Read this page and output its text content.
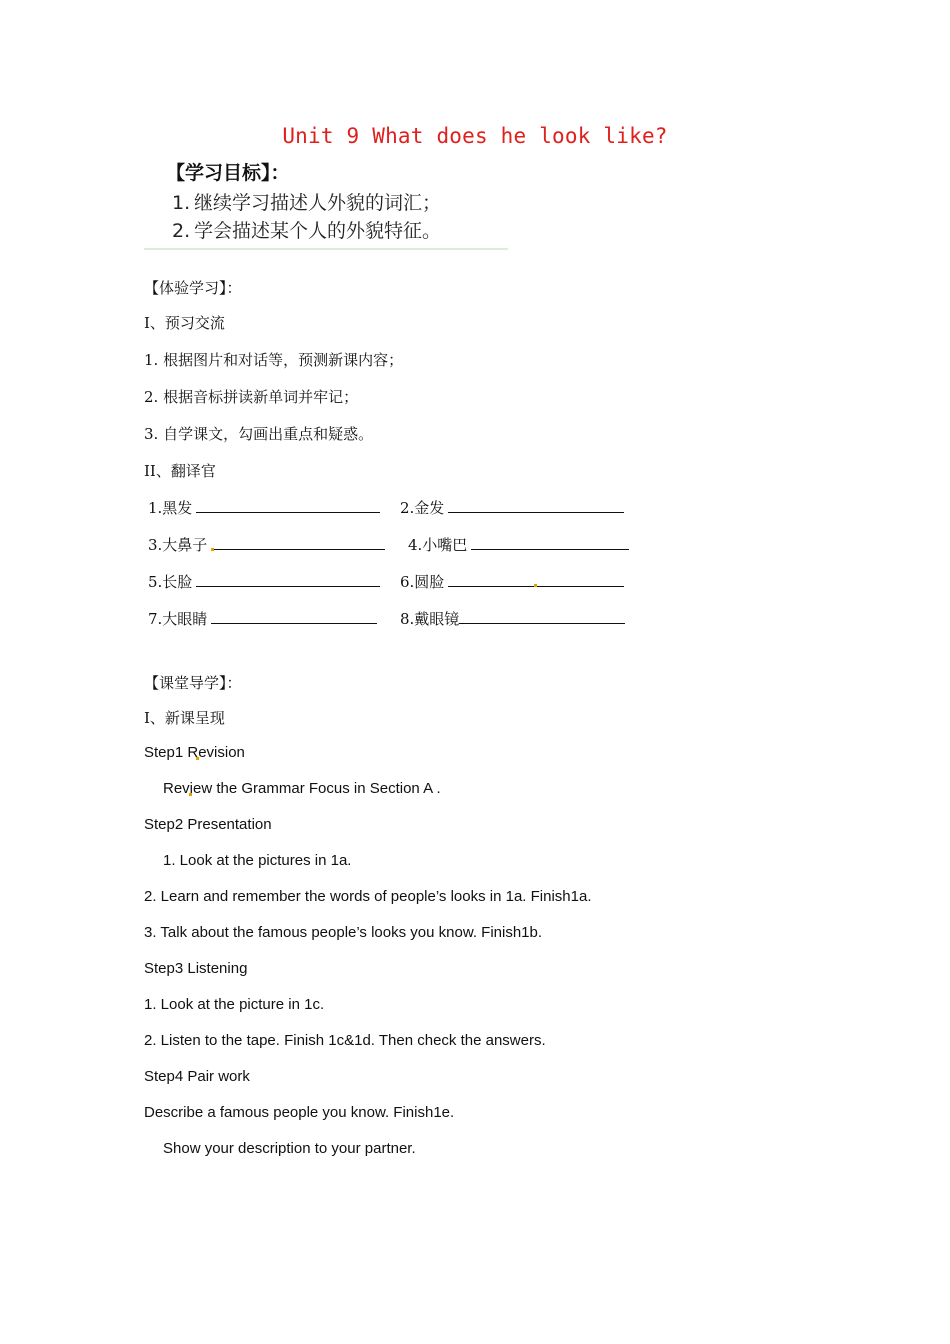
Unit 9 What does he look like?
【学习目标】：
1. 继续学习描述人外貌的词汇；
2. 学会描述某个人的外貌特征。
【体验学习】：
I、预习交流
1. 根据图片和对话等，预测新课内容；
2. 根据音标拼读新单词并牢记；
3. 自学课文，勾画出重点和疑惑。
II、翻译官
1.黑发	2.金发
3.大鼻子	4.小嘴巴
5.长脸	6.圆脸
7.大眼睛	8.戴眼镜
【课堂导学】：
I、新课呈现
Step1 Revision
Review the Grammar Focus in Section A .
Step2 Presentation
1. Look at the pictures in 1a.
2. Learn and remember the words of people’s looks in 1a. Finish1a.
3. Talk about the famous people’s looks you know. Finish1b.
Step3 Listening
1. Look at the picture in 1c.
2. Listen to the tape. Finish 1c&1d. Then check the answers.
Step4 Pair work
Describe a famous people you know. Finish1e.
Show your description to your partner.
